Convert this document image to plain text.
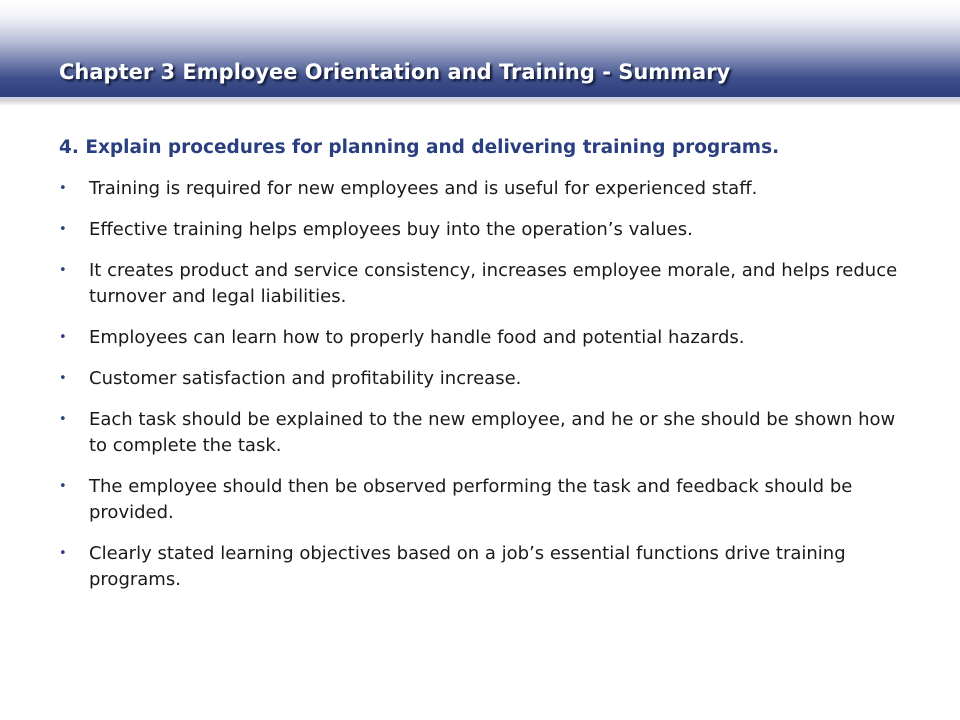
Chapter 3 Employee Orientation and Training - Summary
4. Explain procedures for planning and delivering training programs.
• Training is required for new employees and is useful for experienced staff.
• Effective training helps employees buy into the operation’s values.
• It creates product and service consistency, increases employee morale, and helps reduce turnover and legal liabilities.
• Employees can learn how to properly handle food and potential hazards.
• Customer satisfaction and profitability increase.
• Each task should be explained to the new employee, and he or she should be shown how to complete the task.
• The employee should then be observed performing the task and feedback should be provided.
• Clearly stated learning objectives based on a job’s essential functions drive training programs.
